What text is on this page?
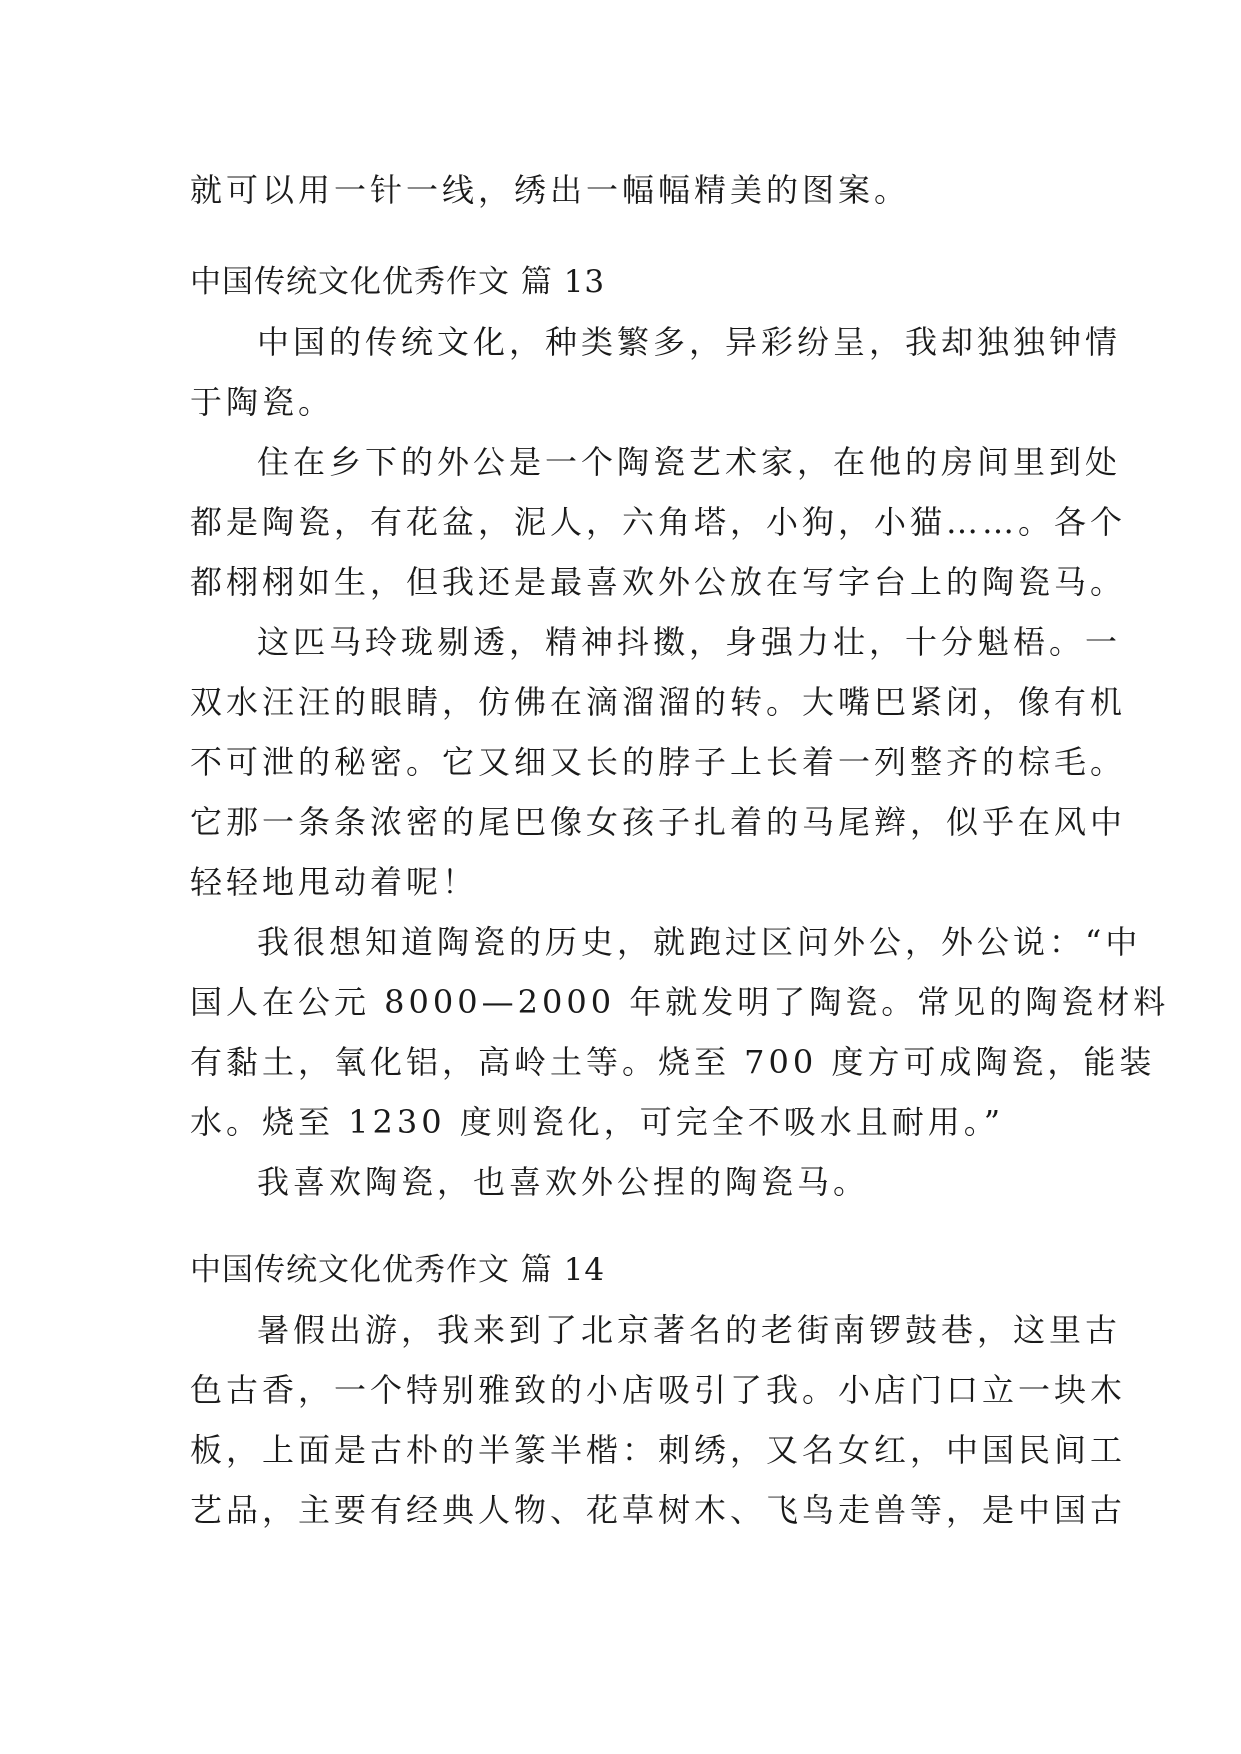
就可以用一针一线，绣出一幅幅精美的图案。
中国传统文化优秀作文 篇 13
中国的传统文化，种类繁多，异彩纷呈，我却独独钟情
于陶瓷。
住在乡下的外公是一个陶瓷艺术家，在他的房间里到处
都是陶瓷，有花盆，泥人，六角塔，小狗，小猫……。各个
都栩栩如生，但我还是最喜欢外公放在写字台上的陶瓷马。
这匹马玲珑剔透，精神抖擞，身强力壮，十分魁梧。一
双水汪汪的眼睛，仿佛在滴溜溜的转。大嘴巴紧闭，像有机
不可泄的秘密。它又细又长的脖子上长着一列整齐的棕毛。
它那一条条浓密的尾巴像女孩子扎着的马尾辫，似乎在风中
轻轻地甩动着呢！
我很想知道陶瓷的历史，就跑过区问外公，外公说：“中
国人在公元 8000—2000 年就发明了陶瓷。常见的陶瓷材料
有黏土，氧化铝，高岭土等。烧至 700 度方可成陶瓷，能装
水。烧至 1230 度则瓷化，可完全不吸水且耐用。”
我喜欢陶瓷，也喜欢外公捏的陶瓷马。
中国传统文化优秀作文 篇 14
暑假出游，我来到了北京著名的老街南锣鼓巷，这里古
色古香，一个特别雅致的小店吸引了我。小店门口立一块木
板，上面是古朴的半篆半楷：刺绣，又名女红，中国民间工
艺品，主要有经典人物、花草树木、飞鸟走兽等，是中国古
